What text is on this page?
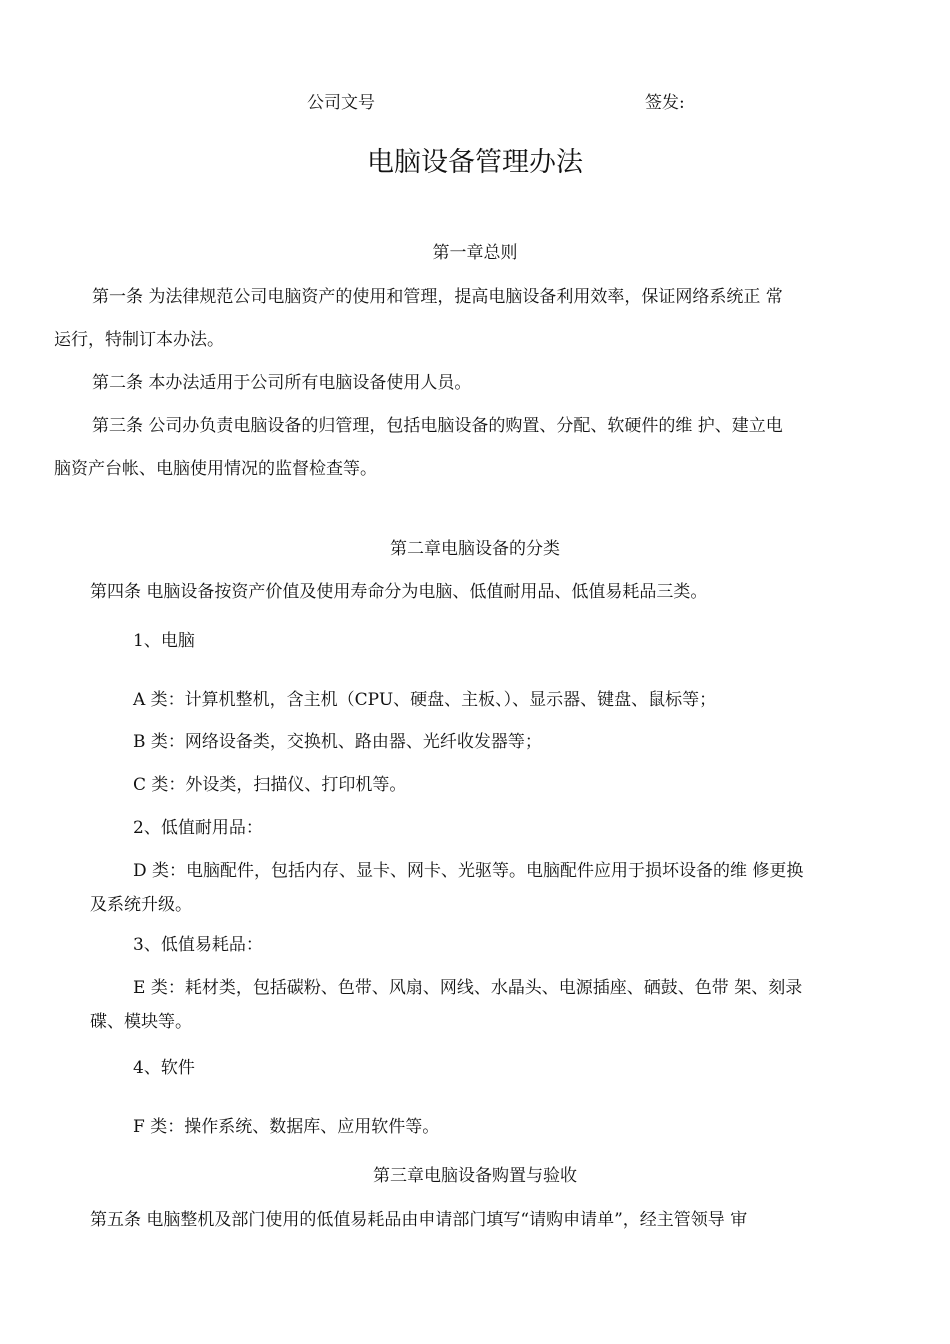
公司文号	签发:
电脑设备管理办法
第一章总则
第一条 为法律规范公司电脑资产的使用和管理，提高电脑设备利用效率，保证网络系统正 常
运行，特制订本办法。
第二条 本办法适用于公司所有电脑设备使用人员。
第三条 公司办负责电脑设备的归管理，包括电脑设备的购置、分配、软硬件的维 护、建立电
脑资产台帐、电脑使用情况的监督检查等。
第二章电脑设备的分类
第四条 电脑设备按资产价值及使用寿命分为电脑、低值耐用品、低值易耗品三类。
1、电脑
A 类：计算机整机，含主机（CPU、硬盘、主板、）、显示器、键盘、鼠标等；
B 类：网络设备类，交换机、路由器、光纤收发器等；
C 类：外设类，扫描仪、打印机等。
2、低值耐用品：
D 类：电脑配件，包括内存、显卡、网卡、光驱等。电脑配件应用于损坏设备的维 修更换
及系统升级。
3、低值易耗品：
E 类：耗材类，包括碳粉、色带、风扇、网线、水晶头、电源插座、硒鼓、色带 架、刻录
碟、模块等。
4、软件
F 类：操作系统、数据库、应用软件等。
第三章电脑设备购置与验收
第五条 电脑整机及部门使用的低值易耗品由申请部门填写“请购申请单”，经主管领导 审
